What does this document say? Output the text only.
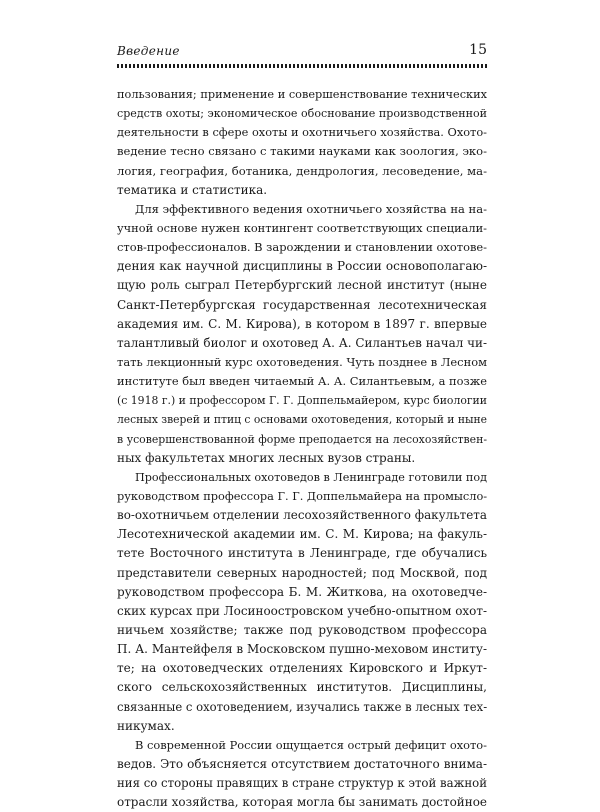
Введение	15
пользования; применение и совершенствование технических
средств охоты; экономическое обоснование производственной
деятельности в сфере охоты и охотничьего хозяйства. Охото-
ведение тесно связано с такими науками как зоология, эко-
логия, география, ботаника, дендрология, лесоведение, ма-
тематика и статистика.
Для эффективного ведения охотничьего хозяйства на на-
учной основе нужен контингент соответствующих специали-
стов-профессионалов. В зарождении и становлении охотове-
дения как научной дисциплины в России основополагаю-
щую роль сыграл Петербургский лесной институт (ныне
Санкт-Петербургская государственная лесотехническая
академия им. С. М. Кирова), в котором в 1897 г. впервые
талантливый биолог и охотовед А. А. Силантьев начал чи-
тать лекционный курс охотоведения. Чуть позднее в Лесном
институте был введен читаемый А. А. Силантьевым, а позже
(с 1918 г.) и профессором Г. Г. Доппельмайером, курс биологии
лесных зверей и птиц с основами охотоведения, который и ныне
в усовершенствованной форме преподается на лесохозяйствен-
ных факультетах многих лесных вузов страны.
Профессиональных охотоведов в Ленинграде готовили под
руководством профессора Г. Г. Доппельмайера на промысло-
во-охотничьем отделении лесохозяйственного факультета
Лесотехнической академии им. С. М. Кирова; на факуль-
тете Восточного института в Ленинграде, где обучались
представители северных народностей; под Москвой, под
руководством профессора Б. М. Житкова, на охотоведче-
ских курсах при Лосиноостровском учебно-опытном охот-
ничьем хозяйстве; также под руководством профессора
П. А. Мантейфеля в Московском пушно-меховом институ-
те; на охотоведческих отделениях Кировского и Иркут-
ского сельскохозяйственных институтов. Дисциплины,
связанные с охотоведением, изучались также в лесных тех-
никумах.
В современной России ощущается острый дефицит охото-
ведов. Это объясняется отсутствием достаточного внима-
ния со стороны правящих в стране структур к этой важной
отрасли хозяйства, которая могла бы занимать достойное
